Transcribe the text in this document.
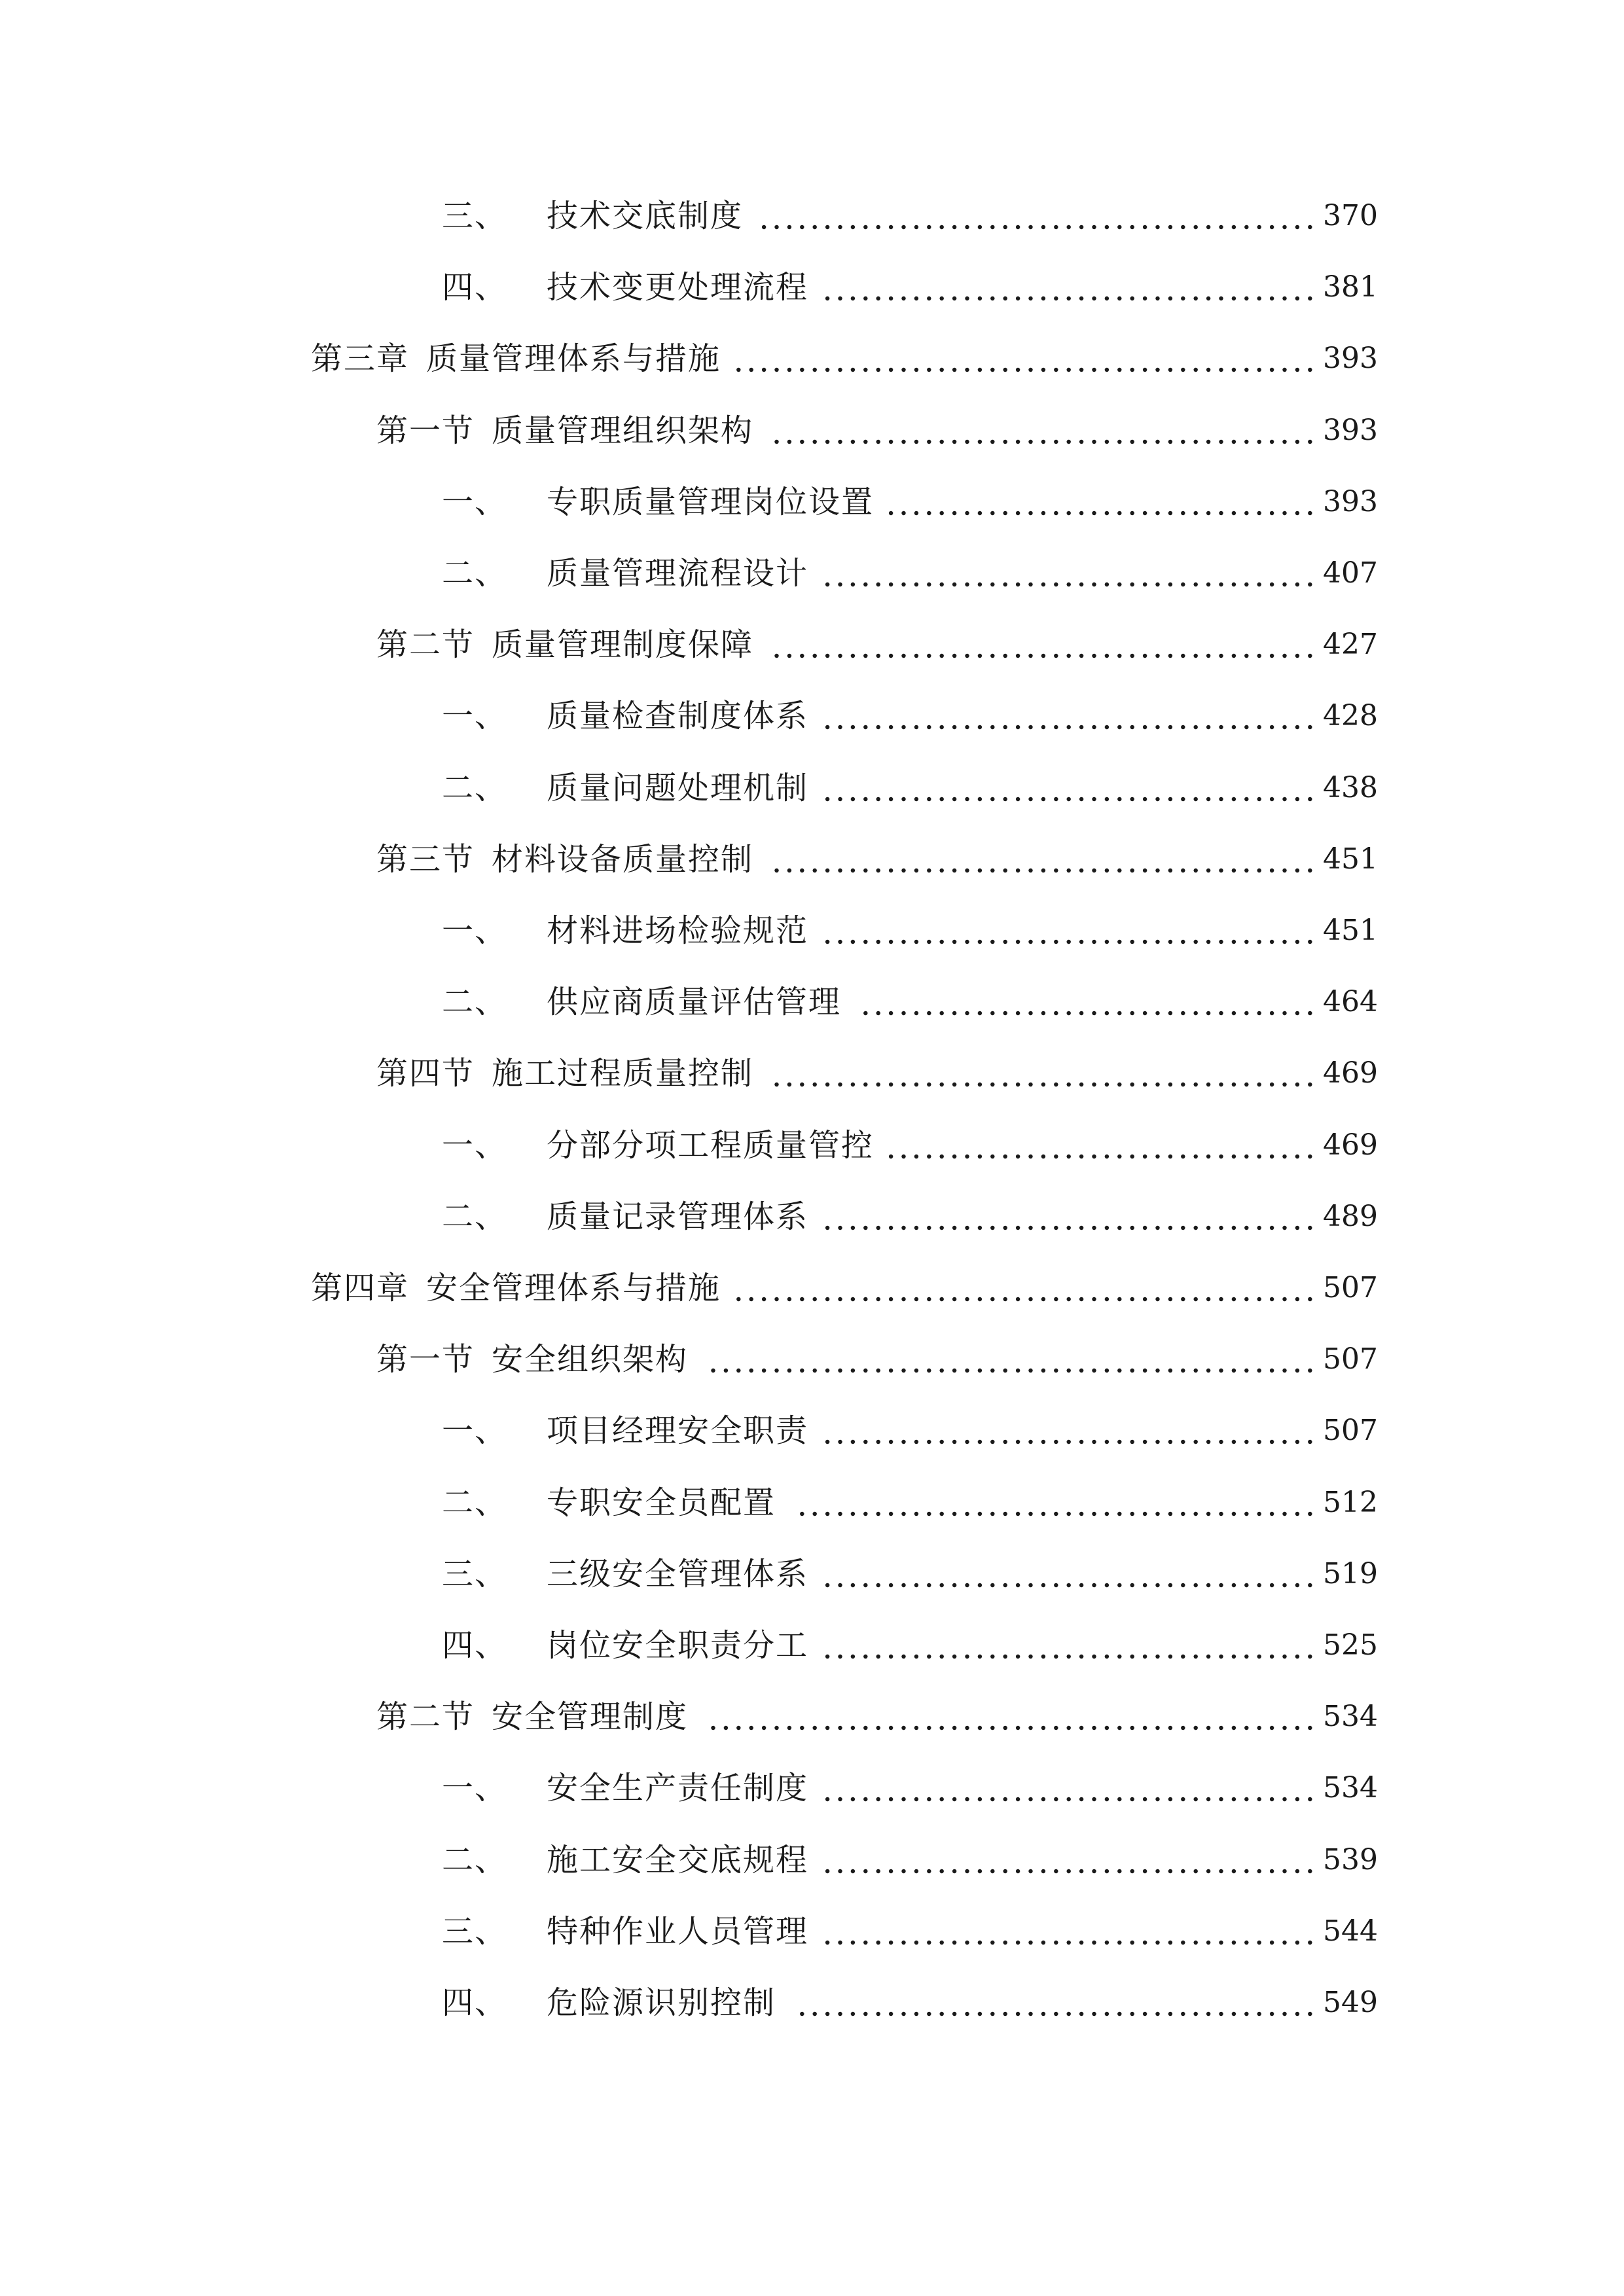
三、 技术交底制度	370
四、 技术变更处理流程	381
第三章 质量管理体系与措施	393
第一节 质量管理组织架构	393
一、 专职质量管理岗位设置	393
二、 质量管理流程设计	407
第二节 质量管理制度保障	427
一、 质量检查制度体系	428
二、 质量问题处理机制	438
第三节 材料设备质量控制	451
一、 材料进场检验规范	451
二、 供应商质量评估管理	464
第四节 施工过程质量控制	469
一、 分部分项工程质量管控	469
二、 质量记录管理体系	489
第四章 安全管理体系与措施	507
第一节 安全组织架构	507
一、 项目经理安全职责	507
二、 专职安全员配置	512
三、 三级安全管理体系	519
四、 岗位安全职责分工	525
第二节 安全管理制度	534
一、 安全生产责任制度	534
二、 施工安全交底规程	539
三、 特种作业人员管理	544
四、 危险源识别控制	549
